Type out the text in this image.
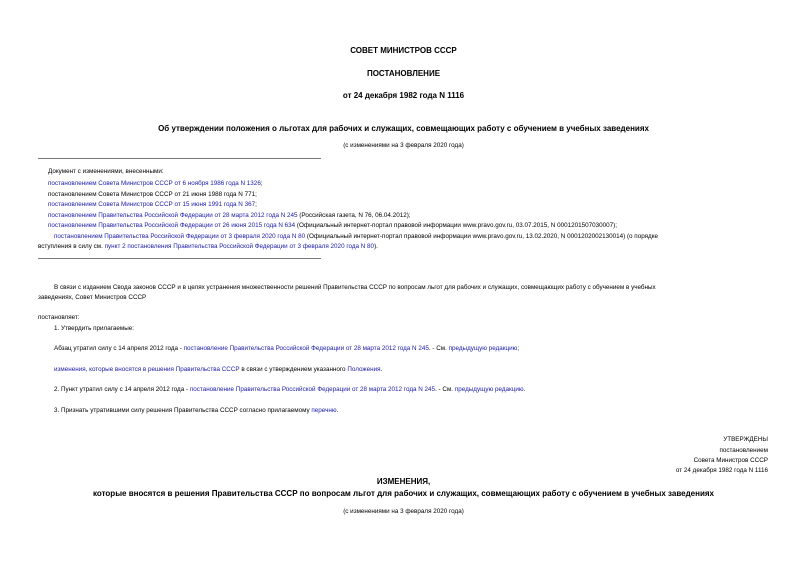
СОВЕТ МИНИСТРОВ СССР
ПОСТАНОВЛЕНИЕ
от 24 декабря 1982 года N 1116
Об утверждении положения о льготах для рабочих и служащих, совмещающих работу с обучением в учебных заведениях
(с изменениями на 3 февраля 2020 года)
Документ с изменениями, внесенными:
постановлением Совета Министров СССР от 6 ноября 1986 года N 1326;
постановлением Совета Министров СССР от 21 июня 1988 года N 771;
постановлением Совета Министров СССР от 15 июня 1991 года N 367;
постановлением Правительства Российской Федерации от 28 марта 2012 года N 245 (Российская газета, N 76, 06.04.2012);
постановлением Правительства Российской Федерации от 26 июня 2015 года N 634 (Официальный интернет-портал правовой информации www.pravo.gov.ru, 03.07.2015, N 0001201507030007);
постановлением Правительства Российской Федерации от 3 февраля 2020 года N 80 (Официальный интернет-портал правовой информации www.pravo.gov.ru, 13.02.2020, N 0001202002130014) (о порядке
вступления в силу см. пункт 2 постановления Правительства Российской Федерации от 3 февраля 2020 года N 80).
В связи с изданием Свода законов СССР и в целях устранения множественности решений Правительства СССР по вопросам льгот для рабочих и служащих, совмещающих работу с обучением в учебных
заведениях, Совет Министров СССР
постановляет:
1. Утвердить прилагаемые:
Абзац утратил силу с 14 апреля 2012 года - постановление Правительства Российской Федерации от 28 марта 2012 года N 245. - См. предыдущую редакцию;
изменения, которые вносятся в решения Правительства СССР в связи с утверждением указанного Положения.
2. Пункт утратил силу с 14 апреля 2012 года - постановление Правительства Российской Федерации от 28 марта 2012 года N 245. - См. предыдущую редакцию.
3. Признать утратившими силу решения Правительства СССР согласно прилагаемому перечню.
УТВЕРЖДЕНЫ
постановлением
Совета Министров СССР
от 24 декабря 1982 года N 1116
ИЗМЕНЕНИЯ,
которые вносятся в решения Правительства СССР по вопросам льгот для рабочих и служащих, совмещающих работу с обучением в учебных заведениях
(с изменениями на 3 февраля 2020 года)
